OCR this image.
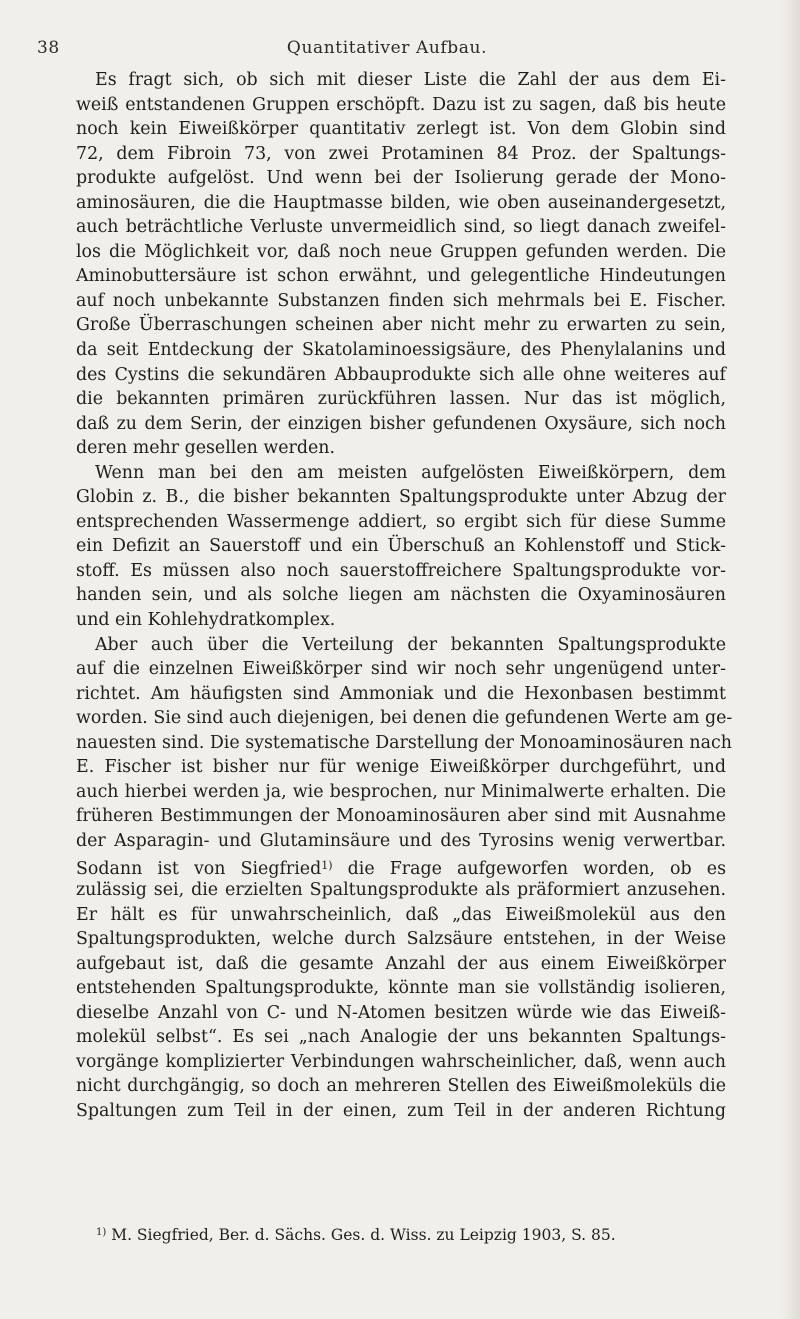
38	Quantitativer Aufbau.
Es fragt sich, ob sich mit dieser Liste die Zahl der aus dem Ei-
weiß entstandenen Gruppen erschöpft. Dazu ist zu sagen, daß bis heute
noch kein Eiweißkörper quantitativ zerlegt ist. Von dem Globin sind
72, dem Fibroin 73, von zwei Protaminen 84 Proz. der Spaltungs-
produkte aufgelöst. Und wenn bei der Isolierung gerade der Mono-
aminosäuren, die die Hauptmasse bilden, wie oben auseinandergesetzt,
auch beträchtliche Verluste unvermeidlich sind, so liegt danach zweifel-
los die Möglichkeit vor, daß noch neue Gruppen gefunden werden. Die
Aminobuttersäure ist schon erwähnt, und gelegentliche Hindeutungen
auf noch unbekannte Substanzen finden sich mehrmals bei E. Fischer.
Große Überraschungen scheinen aber nicht mehr zu erwarten zu sein,
da seit Entdeckung der Skatolaminoessigsäure, des Phenylalanins und
des Cystins die sekundären Abbauprodukte sich alle ohne weiteres auf
die bekannten primären zurückführen lassen. Nur das ist möglich,
daß zu dem Serin, der einzigen bisher gefundenen Oxysäure, sich noch
deren mehr gesellen werden.
Wenn man bei den am meisten aufgelösten Eiweißkörpern, dem
Globin z. B., die bisher bekannten Spaltungsprodukte unter Abzug der
entsprechenden Wassermenge addiert, so ergibt sich für diese Summe
ein Defizit an Sauerstoff und ein Überschuß an Kohlenstoff und Stick-
stoff. Es müssen also noch sauerstoffreichere Spaltungsprodukte vor-
handen sein, und als solche liegen am nächsten die Oxyaminosäuren
und ein Kohlehydratkomplex.
Aber auch über die Verteilung der bekannten Spaltungsprodukte
auf die einzelnen Eiweißkörper sind wir noch sehr ungenügend unter-
richtet. Am häufigsten sind Ammoniak und die Hexonbasen bestimmt
worden. Sie sind auch diejenigen, bei denen die gefundenen Werte am ge-
nauesten sind. Die systematische Darstellung der Monoaminosäuren nach
E. Fischer ist bisher nur für wenige Eiweißkörper durchgeführt, und
auch hierbei werden ja, wie besprochen, nur Minimalwerte erhalten. Die
früheren Bestimmungen der Monoaminosäuren aber sind mit Ausnahme
der Asparagin- und Glutaminsäure und des Tyrosins wenig verwertbar.
Sodann ist von Siegfried$^{1)}$ die Frage aufgeworfen worden, ob es
zulässig sei, die erzielten Spaltungsprodukte als präformiert anzusehen.
Er hält es für unwahrscheinlich, daß „das Eiweißmolekül aus den
Spaltungsprodukten, welche durch Salzsäure entstehen, in der Weise
aufgebaut ist, daß die gesamte Anzahl der aus einem Eiweißkörper
entstehenden Spaltungsprodukte, könnte man sie vollständig isolieren,
dieselbe Anzahl von C- und N-Atomen besitzen würde wie das Eiweiß-
molekül selbst“. Es sei „nach Analogie der uns bekannten Spaltungs-
vorgänge komplizierter Verbindungen wahrscheinlicher, daß, wenn auch
nicht durchgängig, so doch an mehreren Stellen des Eiweißmoleküls die
Spaltungen zum Teil in der einen, zum Teil in der anderen Richtung
$^{1)}$ M. Siegfried, Ber. d. Sächs. Ges. d. Wiss. zu Leipzig 1903, S. 85.
